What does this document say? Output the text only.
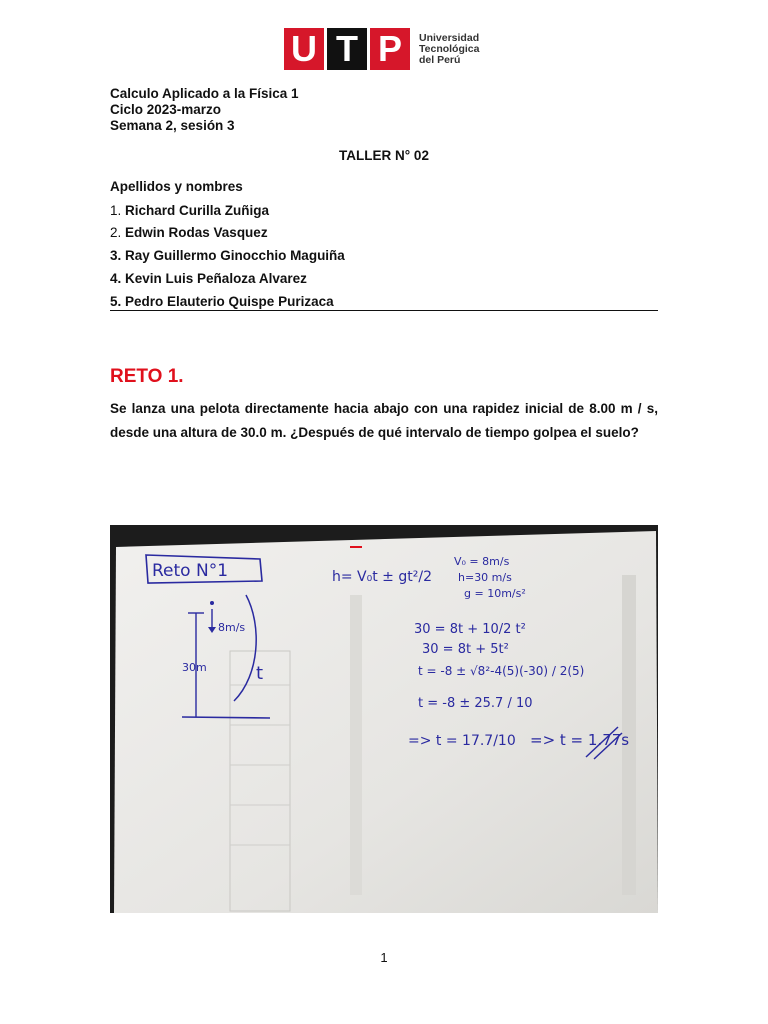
U T P	Universidad
Tecnológica
del Perú
Calculo Aplicado a la Física 1
Ciclo 2023-marzo
Semana 2, sesión 3
TALLER N° 02
Apellidos y nombres
1. Richard Curilla Zuñiga
2. Edwin Rodas Vasquez
3. Ray Guillermo Ginocchio Maguiña
4. Kevin Luis Peñaloza Alvarez
5. Pedro Elauterio Quispe Purizaca
RETO 1.
Se lanza una pelota directamente hacia abajo con una rapidez inicial de 8.00 m / s, desde una altura de 30.0 m. ¿Después de qué intervalo de tiempo golpea el suelo?
Reto N°1
8m/s
30m	t
h= V₀t ± gt²/2
V₀ = 8m/s
h=30 m/s
g = 10m/s²
30 = 8t + 10/2 t²
30 = 8t + 5t²
t = -8 ± √8²-4(5)(-30) / 2(5)
t = -8 ± 25.7 / 10
=> t = 17.7/10 => t = 1.77s
1
